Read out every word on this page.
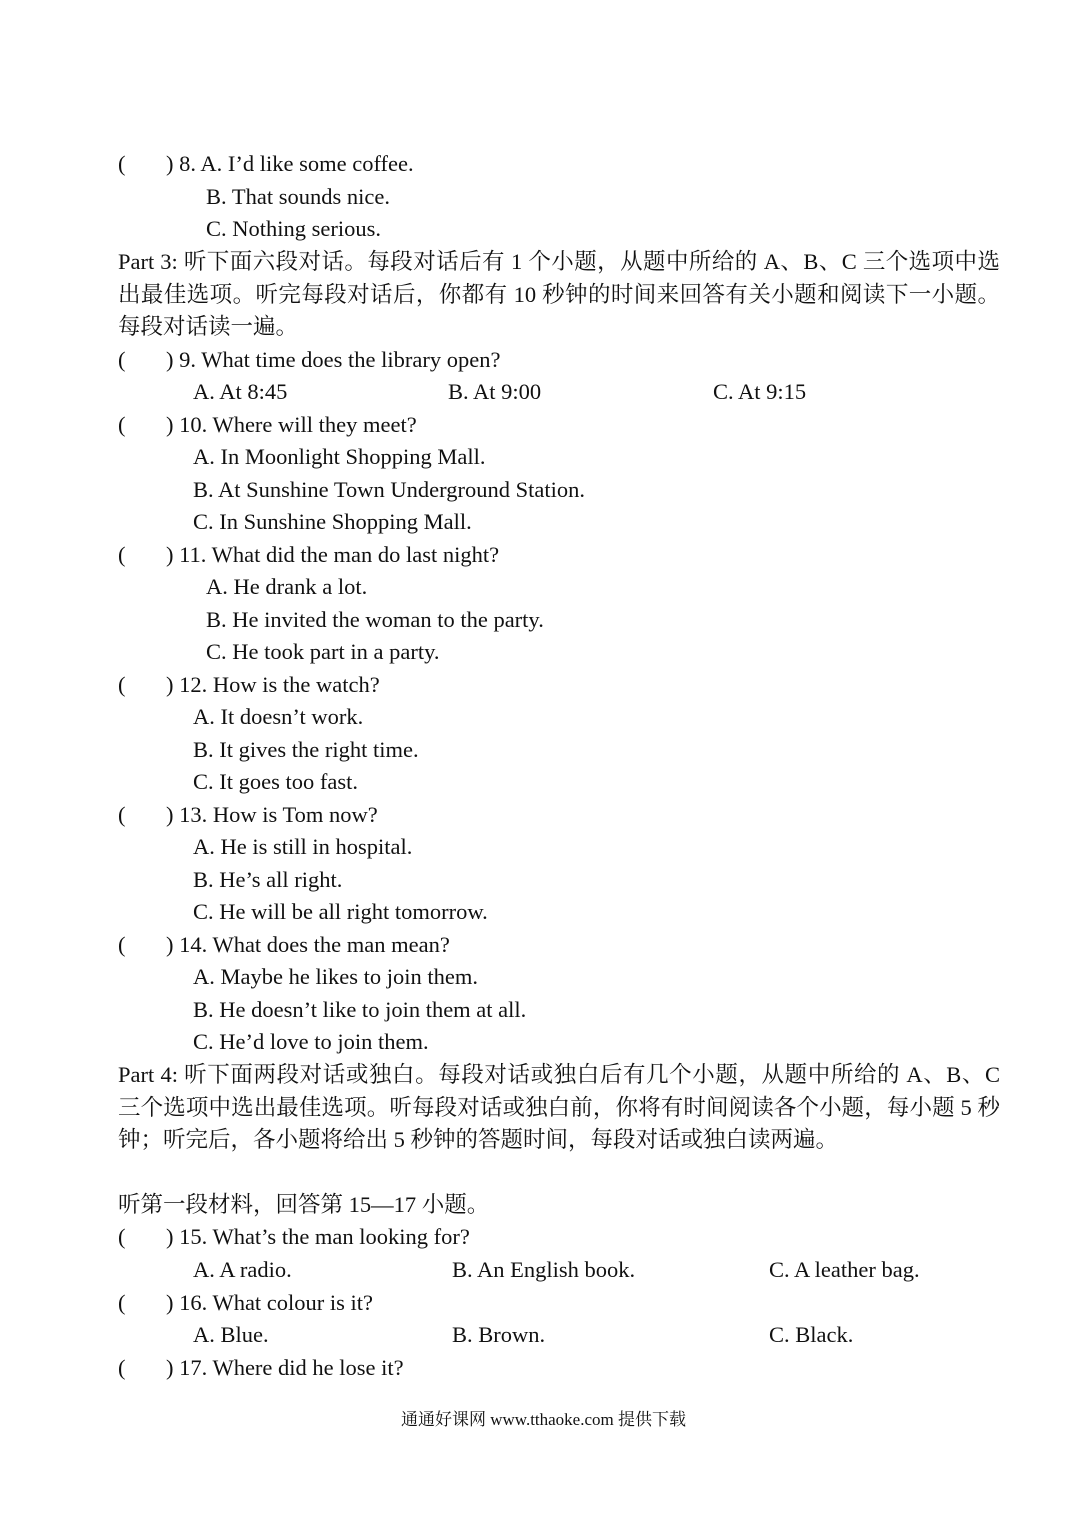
( ) 8. A. I’d like some coffee.
B. That sounds nice.
C. Nothing serious.
Part 3: 听下面六段对话。每段对话后有 1 个小题，从题中所给的 A、B、C 三个选项中选出最佳选项。听完每段对话后，你都有 10 秒钟的时间来回答有关小题和阅读下一小题。每段对话读一遍。
( ) 9. What time does the library open?
A. At 8:45	B. At 9:00	C. At 9:15
( ) 10. Where will they meet?
A. In Moonlight Shopping Mall.
B. At Sunshine Town Underground Station.
C. In Sunshine Shopping Mall.
( ) 11. What did the man do last night?
A. He drank a lot.
B. He invited the woman to the party.
C. He took part in a party.
( ) 12. How is the watch?
A. It doesn’t work.
B. It gives the right time.
C. It goes too fast.
( ) 13. How is Tom now?
A. He is still in hospital.
B. He’s all right.
C. He will be all right tomorrow.
( ) 14. What does the man mean?
A. Maybe he likes to join them.
B. He doesn’t like to join them at all.
C. He’d love to join them.
Part 4: 听下面两段对话或独白。每段对话或独白后有几个小题，从题中所给的 A、B、C 三个选项中选出最佳选项。听每段对话或独白前，你将有时间阅读各个小题，每小题 5 秒钟；听完后，各小题将给出 5 秒钟的答题时间，每段对话或独白读两遍。
听第一段材料，回答第 15—17 小题。
( ) 15. What’s the man looking for?
A. A radio.	B. An English book.	C. A leather bag.
( ) 16. What colour is it?
A. Blue.	B. Brown.	C. Black.
( ) 17. Where did he lose it?
通通好课网 www.tthaoke.com 提供下载
